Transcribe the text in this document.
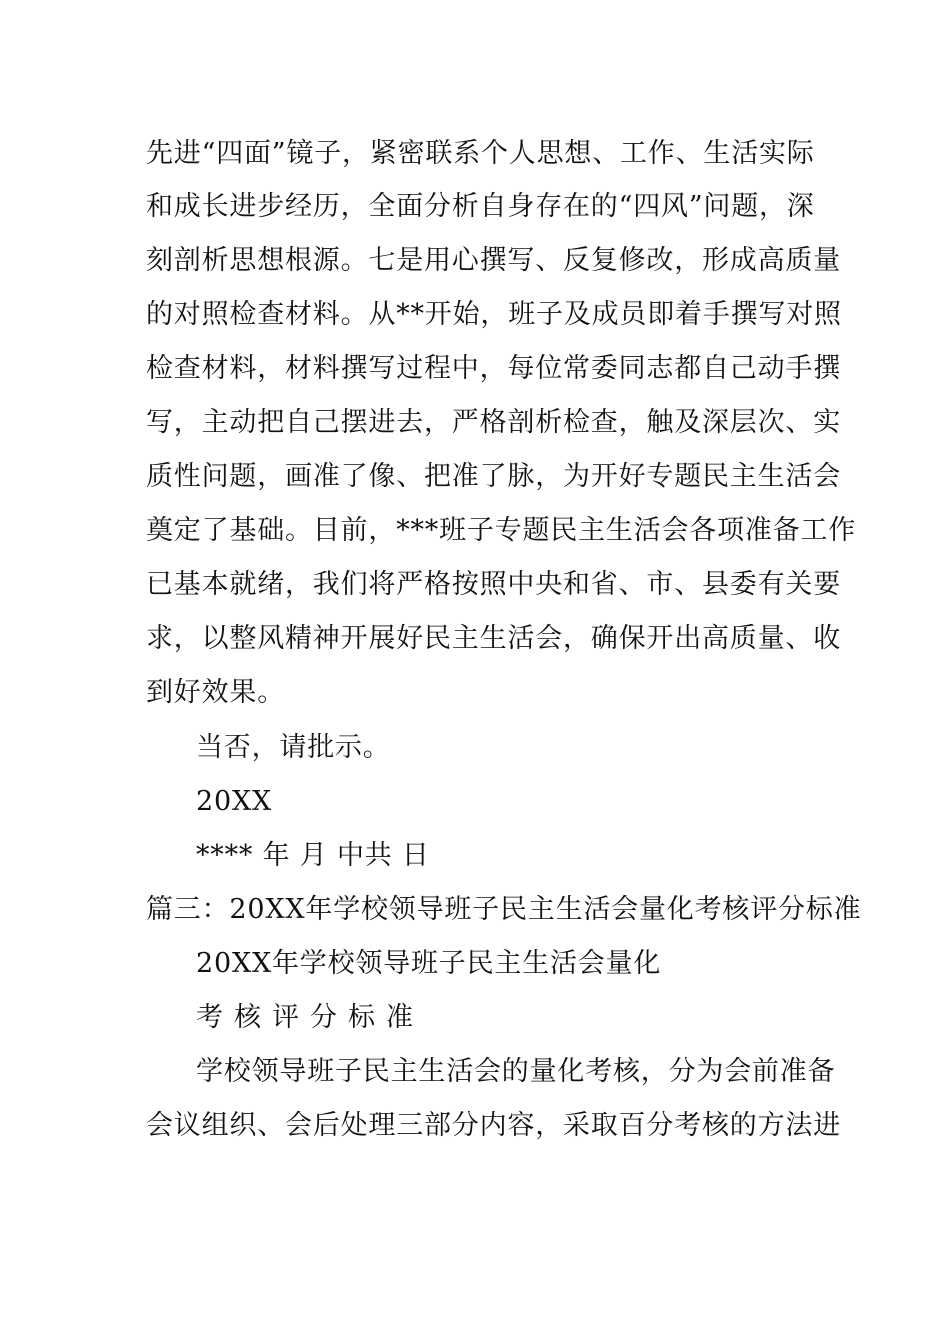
先进“四面”镜子，紧密联系个人思想、工作、生活实际
和成长进步经历，全面分析自身存在的“四风”问题，深
刻剖析思想根源。七是用心撰写、反复修改，形成高质量
的对照检查材料。从**开始，班子及成员即着手撰写对照
检查材料，材料撰写过程中，每位常委同志都自己动手撰
写，主动把自己摆进去，严格剖析检查，触及深层次、实
质性问题，画准了像、把准了脉，为开好专题民主生活会
奠定了基础。目前，***班子专题民主生活会各项准备工作
已基本就绪，我们将严格按照中央和省、市、县委有关要
求，以整风精神开展好民主生活会，确保开出高质量、收
到好效果。
当否，请批示。
20XX
**** 年 月 中共 日
篇三：20XX年学校领导班子民主生活会量化考核评分标准
20XX年学校领导班子民主生活会量化
考核评分标准
学校领导班子民主生活会的量化考核，分为会前准备
会议组织、会后处理三部分内容，采取百分考核的方法进
